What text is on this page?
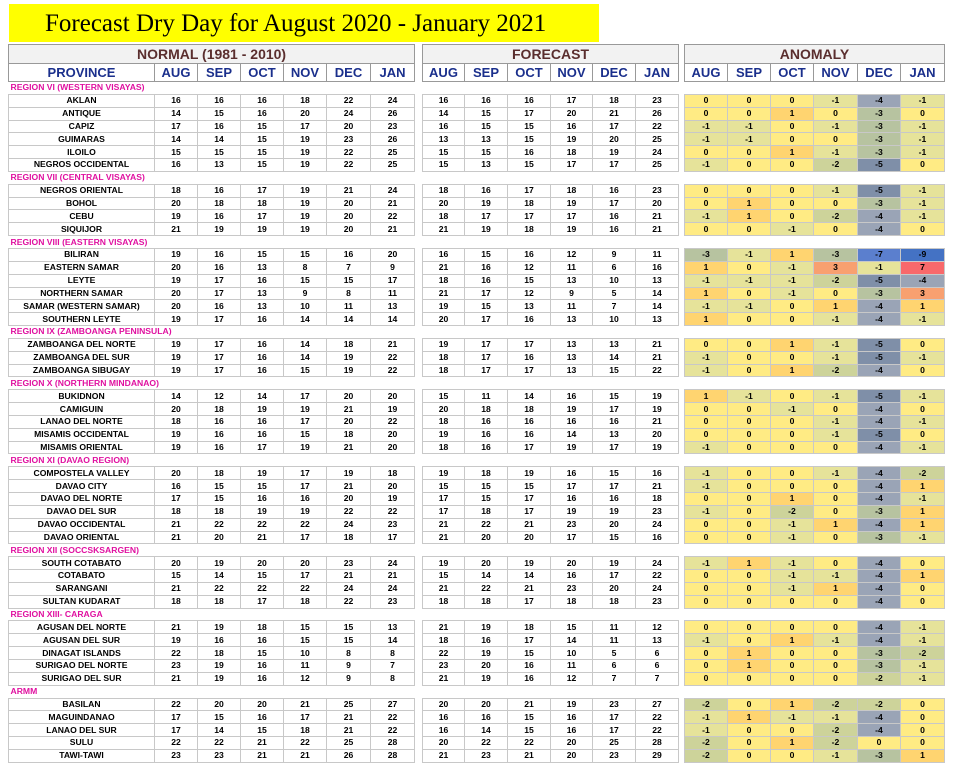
Forecast Dry Day for August 2020 - January 2021
NORMAL (1981 - 2010)						
PROVINCE	AUG	SEP	OCT	NOV	DEC	JAN
REGION VI (WESTERN VISAYAS)						
AKLAN	16	16	16	18	22	24
ANTIQUE	14	15	16	20	24	26
CAPIZ	17	16	15	17	20	23
GUIMARAS	14	14	15	19	23	26
ILOILO	15	15	15	19	22	25
NEGROS OCCIDENTAL	16	13	15	19	22	25
REGION VII (CENTRAL VISAYAS)						
NEGROS ORIENTAL	18	16	17	19	21	24
BOHOL	20	18	18	19	20	21
CEBU	19	16	17	19	20	22
SIQUIJOR	21	19	19	19	20	21
REGION VIII (EASTERN VISAYAS)						
BILIRAN	19	16	15	15	16	20
EASTERN SAMAR	20	16	13	8	7	9
LEYTE	19	17	16	15	15	17
NORTHERN SAMAR	20	17	13	9	8	11
SAMAR (WESTERN SAMAR)	20	16	13	10	11	13
SOUTHERN LEYTE	19	17	16	14	14	14
REGION IX (ZAMBOANGA PENINSULA)						
ZAMBOANGA DEL NORTE	19	17	16	14	18	21
ZAMBOANGA DEL SUR	19	17	16	14	19	22
ZAMBOANGA SIBUGAY	19	17	16	15	19	22
REGION X (NORTHERN MINDANAO)						
BUKIDNON	14	12	14	17	20	20
CAMIGUIN	20	18	19	19	21	19
LANAO DEL NORTE	18	16	16	17	20	22
MISAMIS OCCIDENTAL	19	16	16	15	18	20
MISAMIS ORIENTAL	19	16	17	19	21	20
REGION XI (DAVAO REGION)						
COMPOSTELA VALLEY	20	18	19	17	19	18
DAVAO CITY	16	15	15	17	21	20
DAVAO DEL NORTE	17	15	16	16	20	19
DAVAO DEL SUR	18	18	19	19	22	22
DAVAO OCCIDENTAL	21	22	22	22	24	23
DAVAO ORIENTAL	21	20	21	17	18	17
REGION XII (SOCCSKSARGEN)						
SOUTH COTABATO	20	19	20	20	23	24
COTABATO	15	14	15	17	21	21
SARANGANI	21	22	22	22	24	24
SULTAN KUDARAT	18	18	17	18	22	23
REGION XIII- CARAGA						
AGUSAN DEL NORTE	21	19	18	15	15	13
AGUSAN DEL SUR	19	16	16	15	15	14
DINAGAT ISLANDS	22	18	15	10	8	8
SURIGAO DEL NORTE	23	19	16	11	9	7
SURIGAO DEL SUR	21	19	16	12	9	8
ARMM						
BASILAN	22	20	20	21	25	27
MAGUINDANAO	17	15	16	17	21	22
LANAO DEL SUR	17	14	15	18	21	22
SULU	22	22	21	22	25	28
TAWI-TAWI	23	23	21	21	26	28
FORECAST					
AUG	SEP	OCT	NOV	DEC	JAN

16	16	16	17	18	23
14	15	17	20	21	26
16	15	15	16	17	22
13	13	15	19	20	25
15	15	16	18	19	24
15	13	15	17	17	25

18	16	17	18	16	23
20	19	18	19	17	20
18	17	17	17	16	21
21	19	18	19	16	21

16	15	16	12	9	11
21	16	12	11	6	16
18	16	15	13	10	13
21	17	12	9	5	14
19	15	13	11	7	14
20	17	16	13	10	13

19	17	17	13	13	21
18	17	16	13	14	21
18	17	17	13	15	22

15	11	14	16	15	19
20	18	18	19	17	19
18	16	16	16	16	21
19	16	16	14	13	20
18	16	17	19	17	19

19	18	19	16	15	16
15	15	15	17	17	21
17	15	17	16	16	18
17	18	17	19	19	23
21	22	21	23	20	24
21	20	20	17	15	16

19	20	19	20	19	24
15	14	14	16	17	22
21	22	21	23	20	24
18	18	17	18	18	23

21	19	18	15	11	12
18	16	17	14	11	13
22	19	15	10	5	6
23	20	16	11	6	6
21	19	16	12	7	7

20	20	21	19	23	27
16	16	15	16	17	22
16	14	15	16	17	22
20	22	22	20	25	28
21	23	21	20	23	29
ANOMALY					
AUG	SEP	OCT	NOV	DEC	JAN

0	0	0	-1	-4	-1
0	0	1	0	-3	0
-1	-1	0	-1	-3	-1
-1	-1	0	0	-3	-1
0	0	1	-1	-3	-1
-1	0	0	-2	-5	0

0	0	0	-1	-5	-1
0	1	0	0	-3	-1
-1	1	0	-2	-4	-1
0	0	-1	0	-4	0

-3	-1	1	-3	-7	-9
1	0	-1	3	-1	7
-1	-1	-1	-2	-5	-4
1	0	-1	0	-3	3
-1	-1	0	1	-4	1
1	0	0	-1	-4	-1

0	0	1	-1	-5	0
-1	0	0	-1	-5	-1
-1	0	1	-2	-4	0

1	-1	0	-1	-5	-1
0	0	-1	0	-4	0
0	0	0	-1	-4	-1
0	0	0	-1	-5	0
-1	0	0	0	-4	-1

-1	0	0	-1	-4	-2
-1	0	0	0	-4	1
0	0	1	0	-4	-1
-1	0	-2	0	-3	1
0	0	-1	1	-4	1
0	0	-1	0	-3	-1

-1	1	-1	0	-4	0
0	0	-1	-1	-4	1
0	0	-1	1	-4	0
0	0	0	0	-4	0

0	0	0	0	-4	-1
-1	0	1	-1	-4	-1
0	1	0	0	-3	-2
0	1	0	0	-3	-1
0	0	0	0	-2	-1

-2	0	1	-2	-2	0
-1	1	-1	-1	-4	0
-1	0	0	-2	-4	0
-2	0	1	-2	0	0
-2	0	0	-1	-3	1
